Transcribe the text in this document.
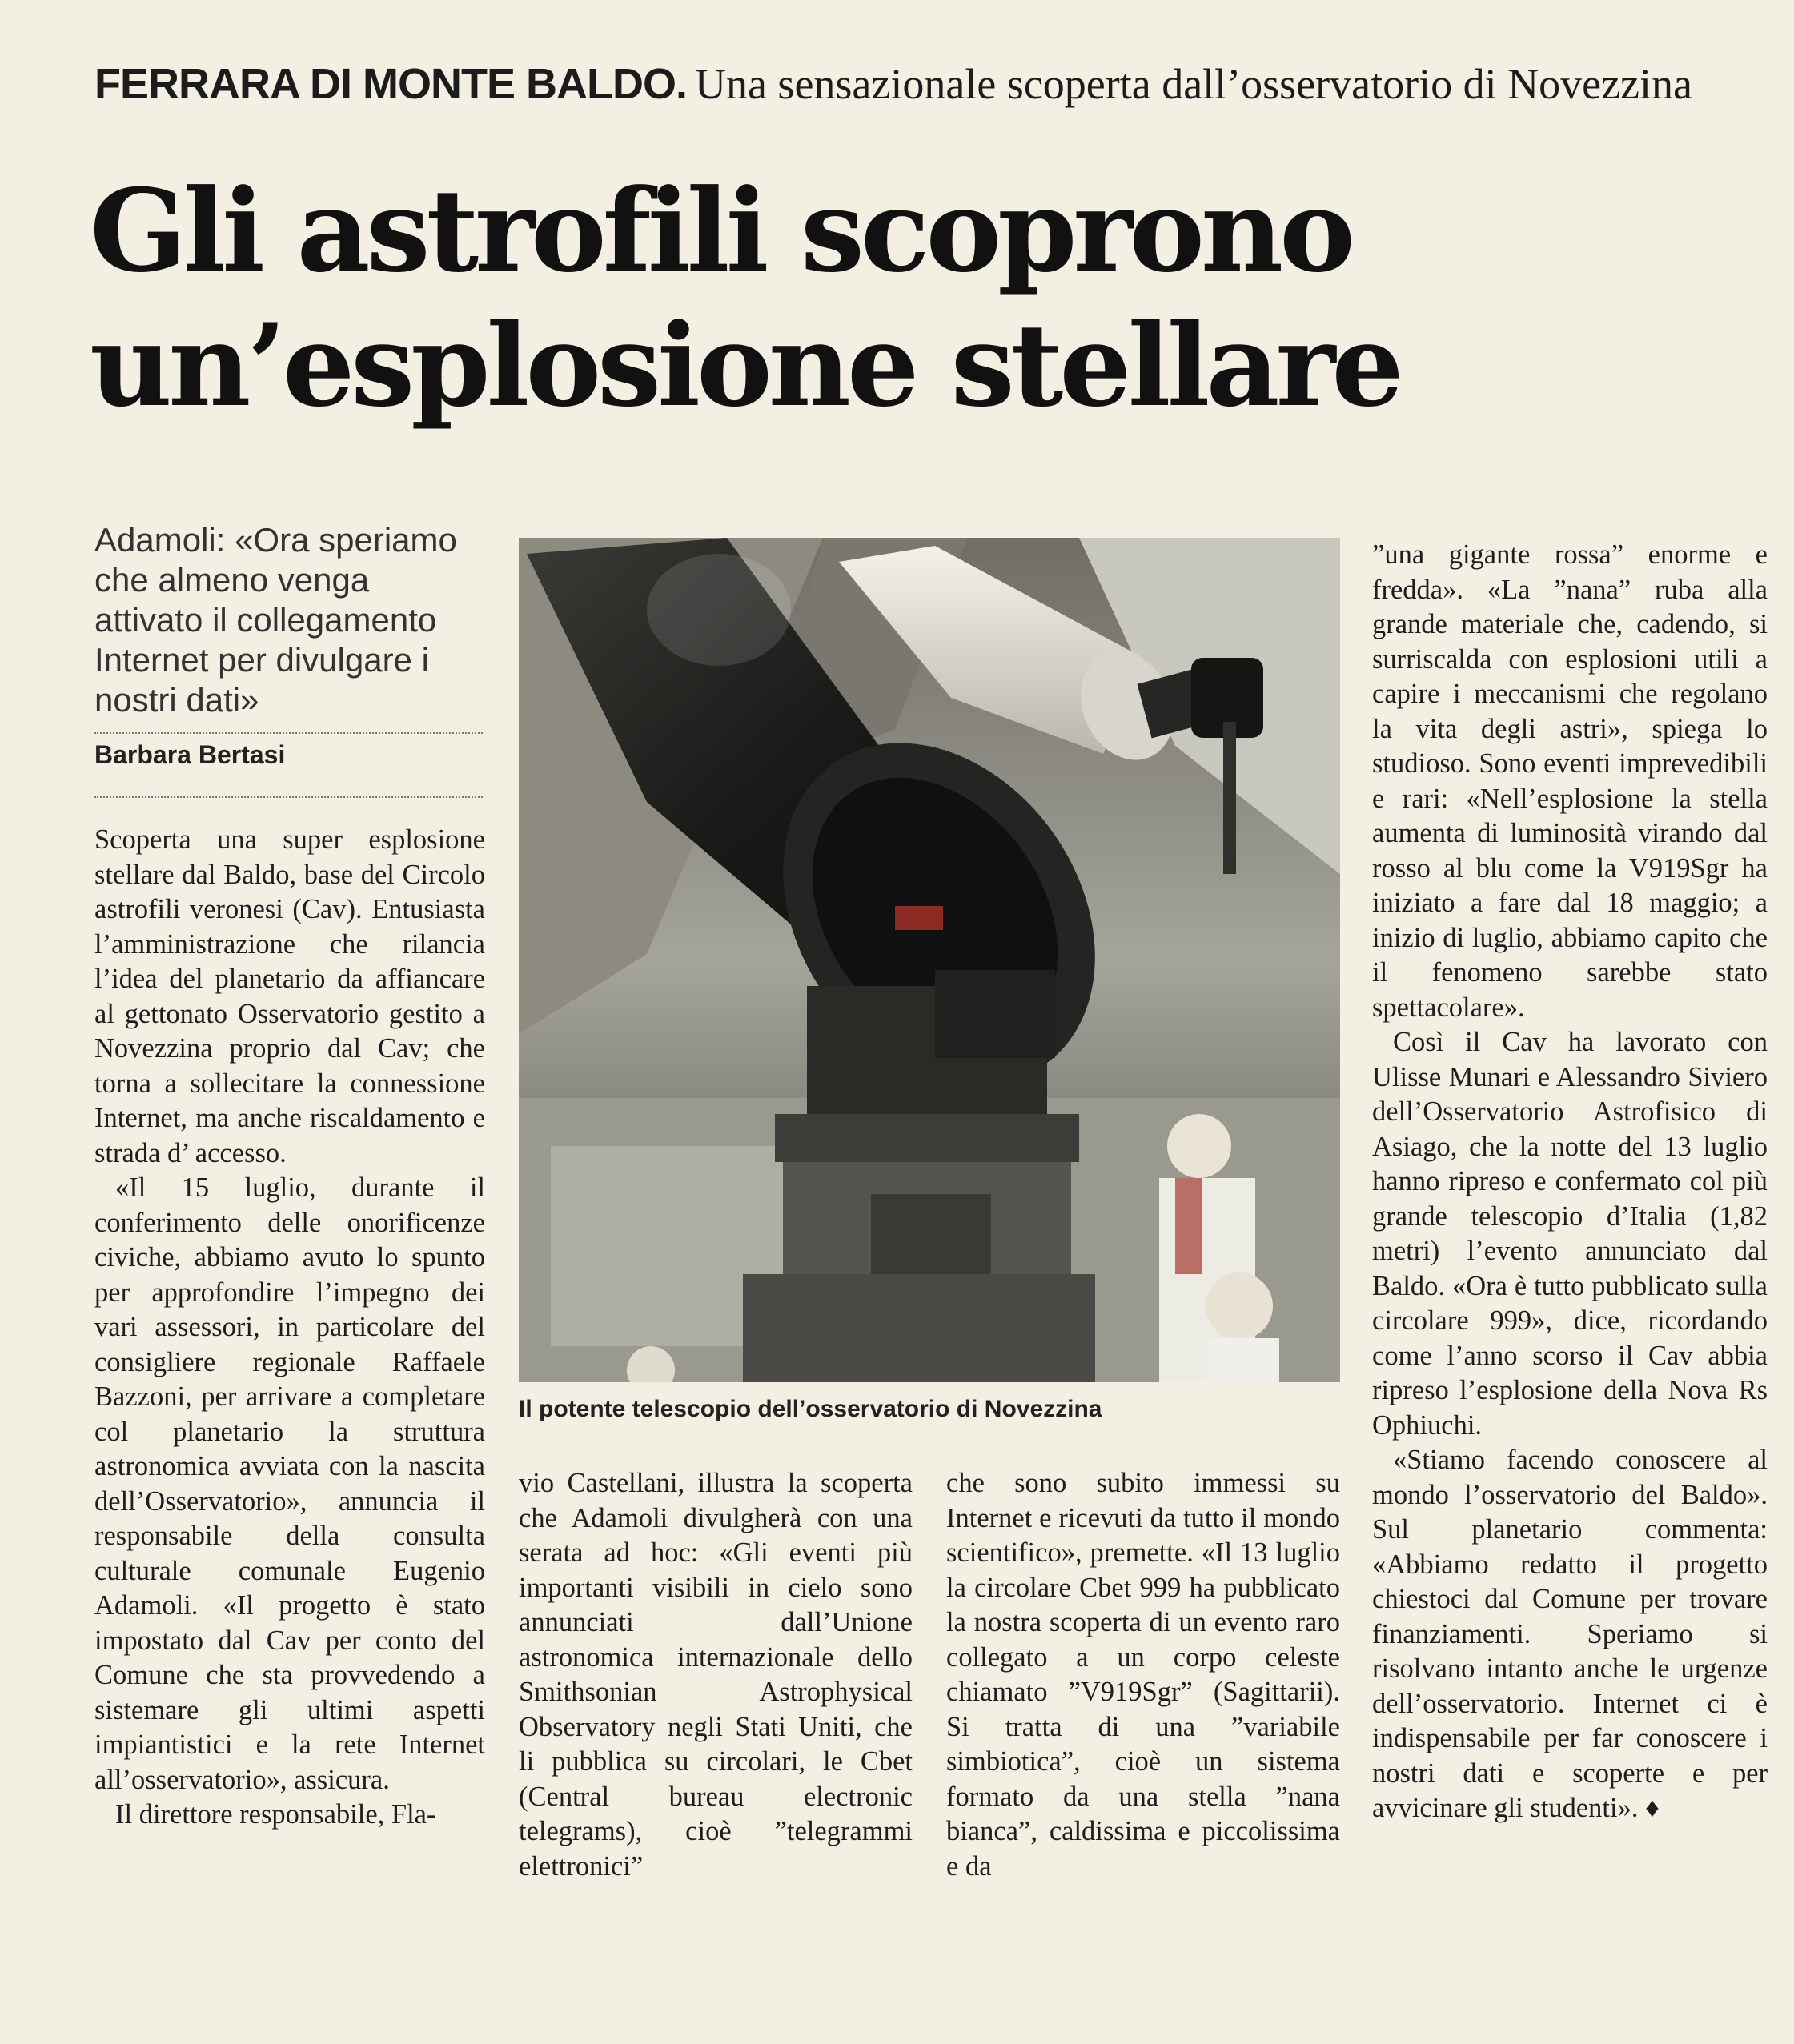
FERRARA DI MONTE BALDO. Una sensazionale scoperta dall’osservatorio di Novezzina
Gli astrofili scoprono
un’esplosione stellare

Adamoli: «Ora speriamo che almeno venga attivato il collegamento Internet per divulgare i nostri dati»

Barbara Bertasi

Scoperta una super esplosione stellare dal Baldo, base del Circolo astrofili veronesi (Cav). Entusiasta l’amministrazione che rilancia l’idea del planetario da affiancare al gettonato Osservatorio gestito a Novezzina proprio dal Cav; che torna a sollecitare la connessione Internet, ma anche riscaldamento e strada d’ accesso.

«Il 15 luglio, durante il conferimento delle onorificenze civiche, abbiamo avuto lo spunto per approfondire l’impegno dei vari assessori, in particolare del consigliere regionale Raffaele Bazzoni, per arrivare a completare col planetario la struttura astronomica avviata con la nascita dell’Osservatorio», annuncia il responsabile della consulta culturale comunale Eugenio Adamoli. «Il progetto è stato impostato dal Cav per conto del Comune che sta provvedendo a sistemare gli ultimi aspetti impiantistici e la rete Internet all’osservatorio», assicura.

Il direttore responsabile, Fla-

Il potente telescopio dell’osservatorio di Novezzina

vio Castellani, illustra la scoperta che Adamoli divulgherà con una serata ad hoc: «Gli eventi più importanti visibili in cielo sono annunciati dall’Unione astronomica internazionale dello Smithsonian Astrophysical Observatory negli Stati Uniti, che li pubblica su circolari, le Cbet (Central bureau electronic telegrams), cioè ”telegrammi elettronici”

che sono subito immessi su Internet e ricevuti da tutto il mondo scientifico», premette. «Il 13 luglio la circolare Cbet 999 ha pubblicato la nostra scoperta di un evento raro collegato a un corpo celeste chiamato ”V919Sgr” (Sagittarii). Si tratta di una ”variabile simbiotica”, cioè un sistema formato da una stella ”nana bianca”, caldissima e piccolissima e da

”una gigante rossa” enorme e fredda». «La ”nana” ruba alla grande materiale che, cadendo, si surriscalda con esplosioni utili a capire i meccanismi che regolano la vita degli astri», spiega lo studioso. Sono eventi imprevedibili e rari: «Nell’esplosione la stella aumenta di luminosità virando dal rosso al blu come la V919Sgr ha iniziato a fare dal 18 maggio; a inizio di luglio, abbiamo capito che il fenomeno sarebbe stato spettacolare».

Così il Cav ha lavorato con Ulisse Munari e Alessandro Siviero dell’Osservatorio Astrofisico di Asiago, che la notte del 13 luglio hanno ripreso e confermato col più grande telescopio d’Italia (1,82 metri) l’evento annunciato dal Baldo. «Ora è tutto pubblicato sulla circolare 999», dice, ricordando come l’anno scorso il Cav abbia ripreso l’esplosione della Nova Rs Ophiuchi.

«Stiamo facendo conoscere al mondo l’osservatorio del Baldo». Sul planetario commenta: «Abbiamo redatto il progetto chiestoci dal Comune per trovare finanziamenti. Speriamo si risolvano intanto anche le urgenze dell’osservatorio. Internet ci è indispensabile per far conoscere i nostri dati e scoperte e per avvicinare gli studenti». ♦
